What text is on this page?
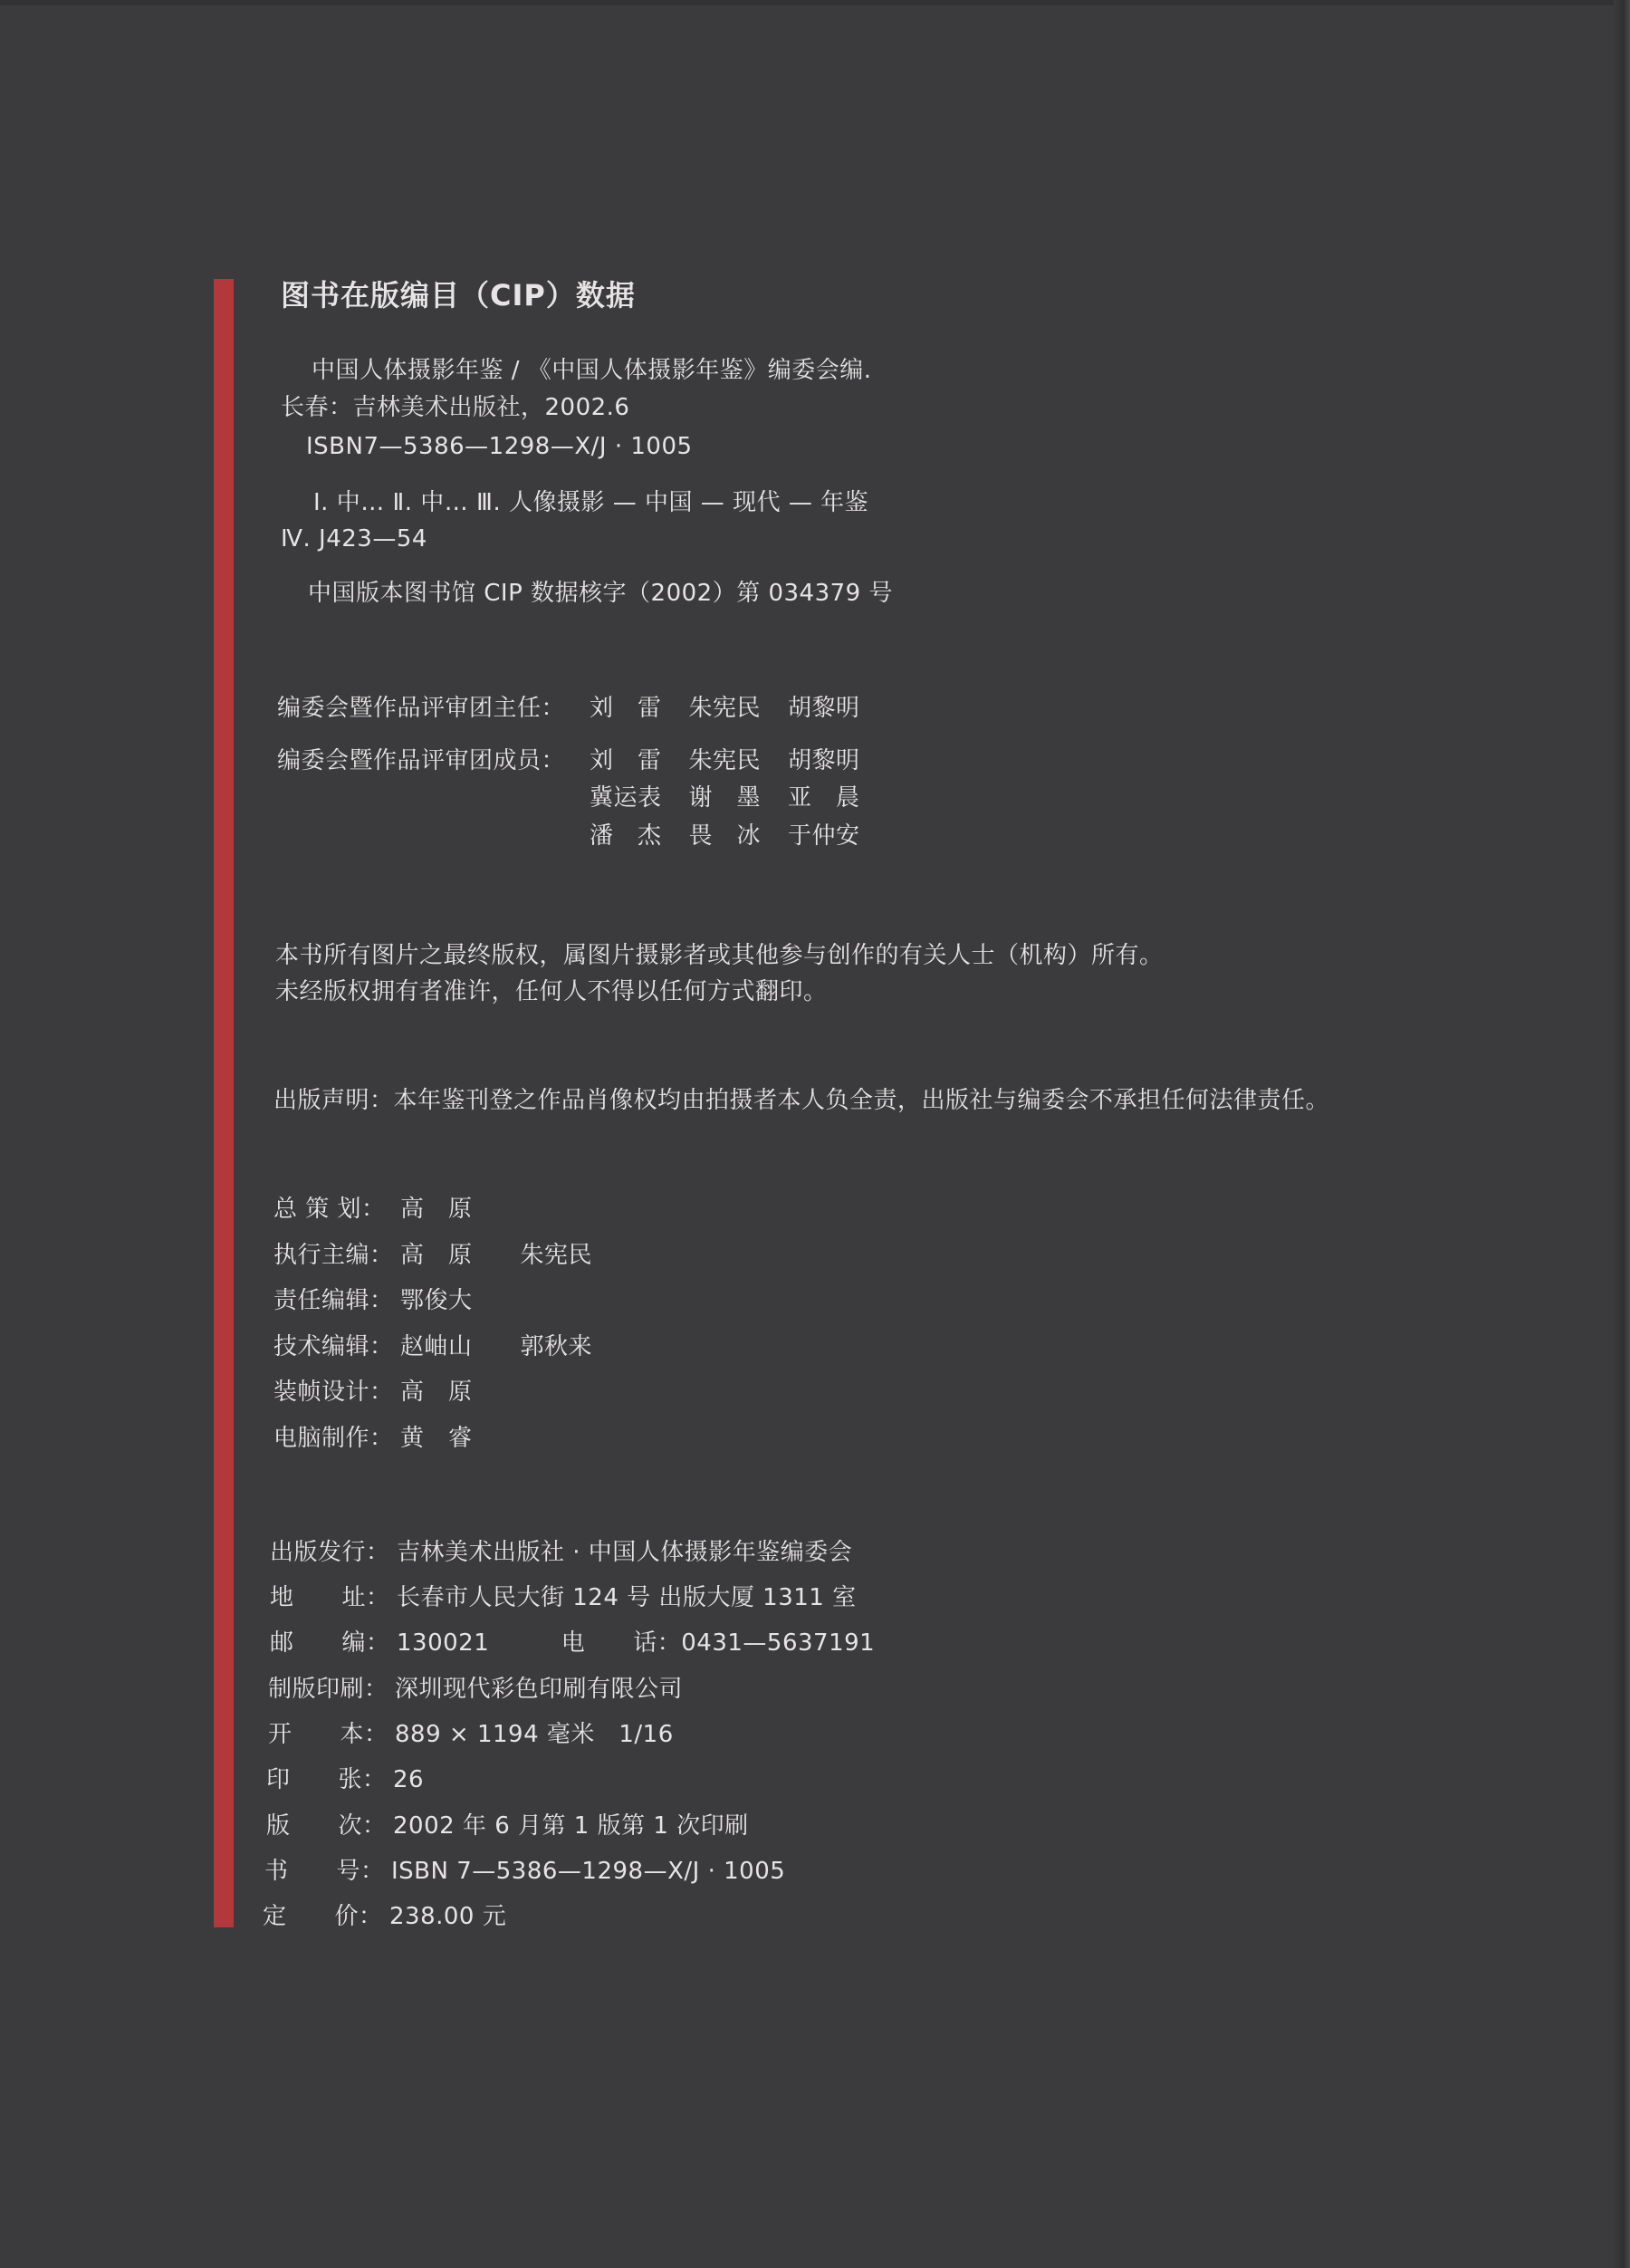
图书在版编目（CIP）数据
中国人体摄影年鉴 / 《中国人体摄影年鉴》编委会编.
长春：吉林美术出版社，2002.6
ISBN7—5386—1298—X/J · 1005
Ⅰ. 中… Ⅱ. 中… Ⅲ. 人像摄影 — 中国 — 现代 — 年鉴
Ⅳ. J423—54
中国版本图书馆 CIP 数据核字（2002）第 034379 号
编委会暨作品评审团主任： 刘　雷 朱宪民 胡黎明
编委会暨作品评审团成员： 刘　雷 朱宪民 胡黎明
冀运表 谢　墨 亚　晨
潘　杰 畏　冰 于仲安
本书所有图片之最终版权，属图片摄影者或其他参与创作的有关人士（机构）所有。
未经版权拥有者准许，任何人不得以任何方式翻印。
出版声明：本年鉴刊登之作品肖像权均由拍摄者本人负全责，出版社与编委会不承担任何法律责任。
总 策 划： 高　原
执行主编： 高　原　　朱宪民
责任编辑： 鄂俊大
技术编辑： 赵岫山　　郭秋来
装帧设计： 高　原
电脑制作： 黄　睿
出版发行： 吉林美术出版社 · 中国人体摄影年鉴编委会
地　　址： 长春市人民大街 124 号 出版大厦 1311 室
邮　　编： 130021　　　电　　话：0431—5637191
制版印刷： 深圳现代彩色印刷有限公司
开　　本： 889 × 1194 毫米　1/16
印　　张： 26
版　　次： 2002 年 6 月第 1 版第 1 次印刷
书　　号： ISBN 7—5386—1298—X/J · 1005
定　　价： 238.00 元
